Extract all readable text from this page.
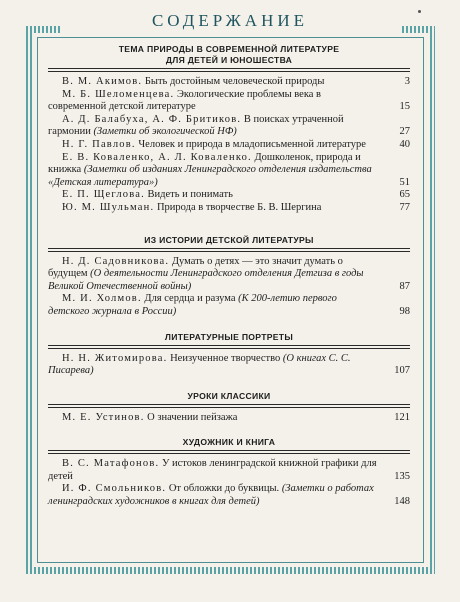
СОДЕРЖАНИЕ
ТЕМА ПРИРОДЫ В СОВРЕМЕННОЙ ЛИТЕРАТУРЕ
ДЛЯ ДЕТЕЙ И ЮНОШЕСТВА
В. М. Акимов. Быть достойным человеческой природы	3
М. Б. Шеломенцева. Экологические проблемы века в современной детской литературе	15
А. Д. Балабуха, А. Ф. Бритиков. В поисках утраченной гармонии (Заметки об экологической НФ)	27
Н. Г. Павлов. Человек и природа в младописьменной литературе	40
Е. В. Коваленко, А. Л. Коваленко. Дошколенок, природа и книжка (Заметки об изданиях Ленинградского отделения издательства «Детская литература»)	51
Е. П. Щеглова. Видеть и понимать	65
Ю. М. Шульман. Природа в творчестве Б. В. Шергина	77
ИЗ ИСТОРИИ ДЕТСКОЙ ЛИТЕРАТУРЫ
Н. Д. Садовникова. Думать о детях — это значит думать о будущем (О деятельности Ленинградского отделения Детгиза в годы Великой Отечественной войны)	87
М. И. Холмов. Для сердца и разума (К 200-летию первого детского журнала в России)	98
ЛИТЕРАТУРНЫЕ ПОРТРЕТЫ
Н. Н. Житомирова. Неизученное творчество (О книгах С. С. Писарева)	107
УРОКИ КЛАССИКИ
М. Е. Устинов. О значении пейзажа	121
ХУДОЖНИК И КНИГА
В. С. Матафонов. У истоков ленинградской книжной графики для детей	135
И. Ф. Смольников. От обложки до буквицы. (Заметки о работах ленинградских художников в книгах для детей)	148
